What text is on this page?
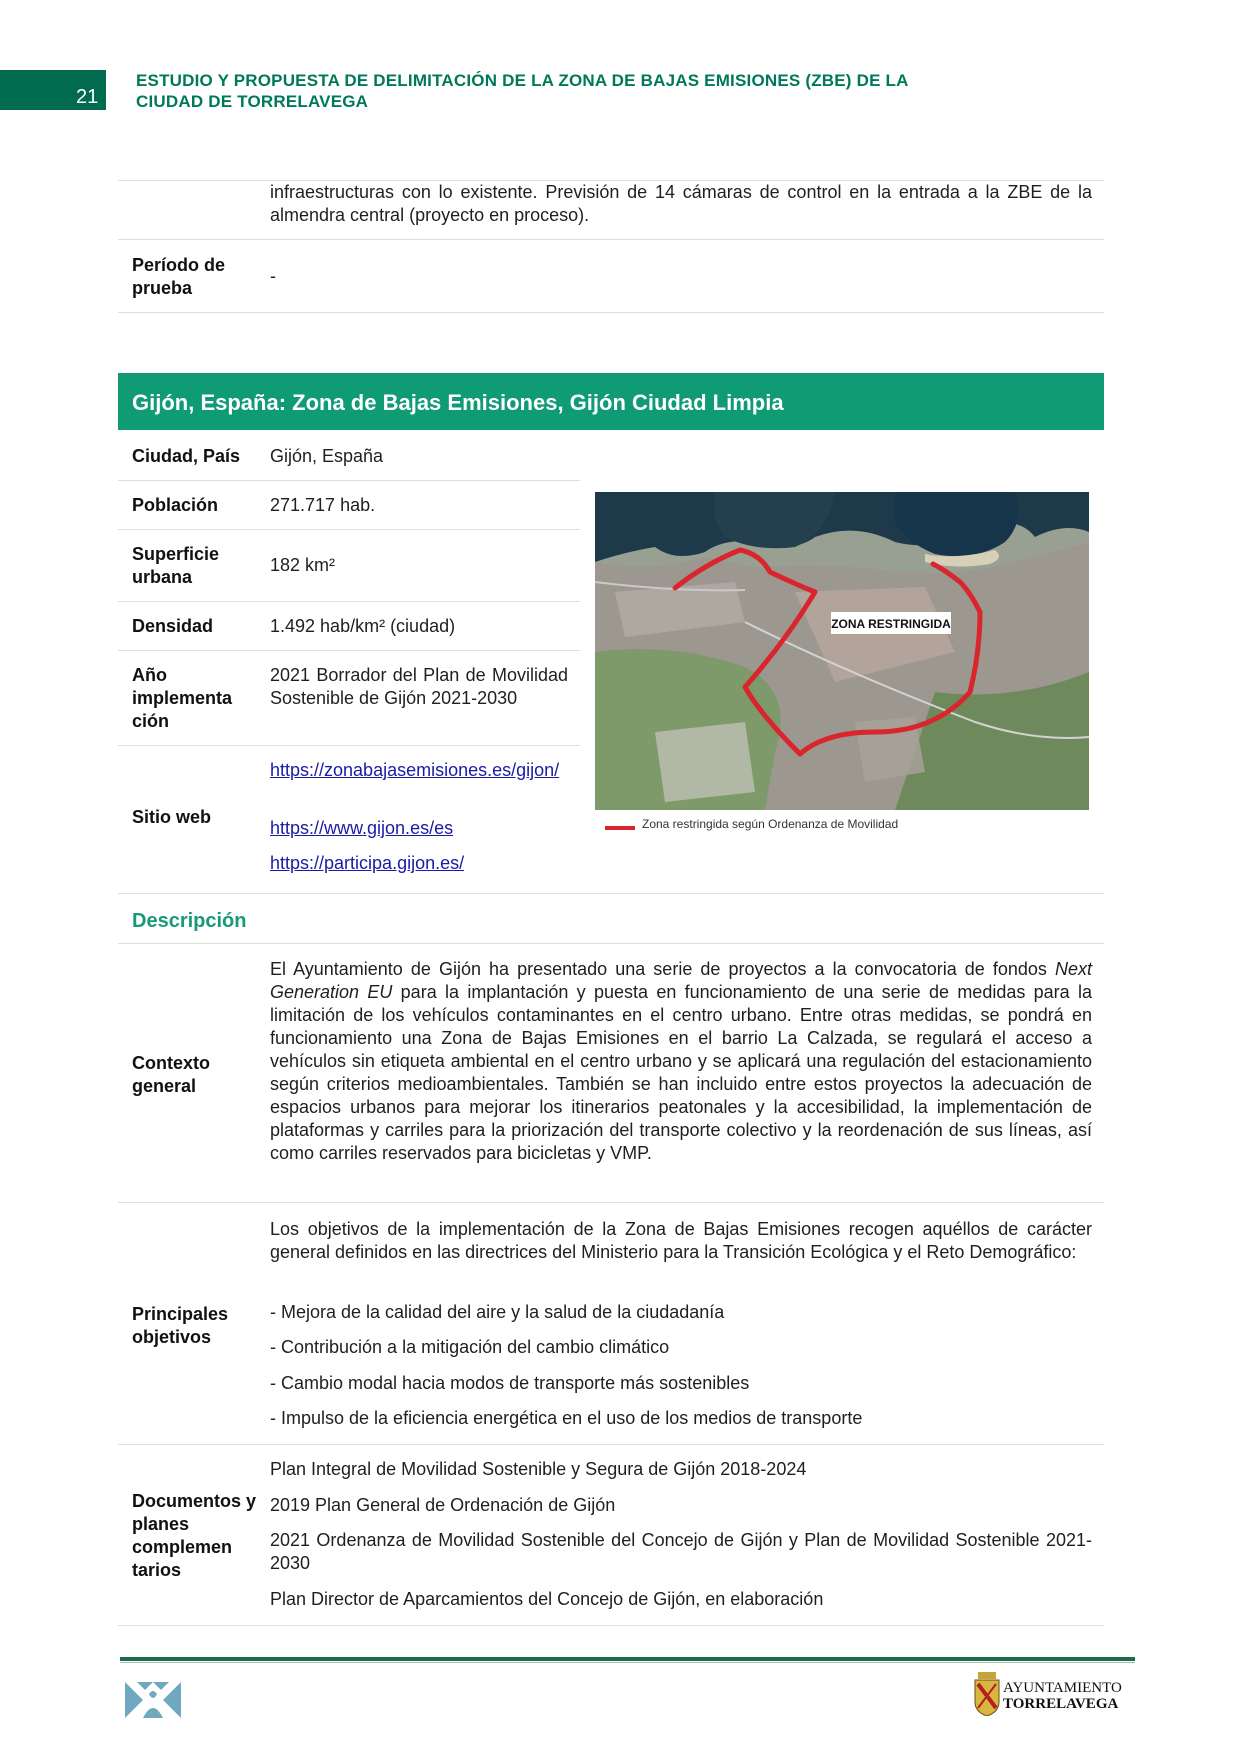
21
ESTUDIO Y PROPUESTA DE DELIMITACIÓN DE LA ZONA DE BAJAS EMISIONES (ZBE) DE LA CIUDAD DE TORRELAVEGA
infraestructuras con lo existente. Previsión de 14 cámaras de control en la entrada a la ZBE de la almendra central (proyecto en proceso).
Período de prueba
-
Gijón, España: Zona de Bajas Emisiones, Gijón Ciudad Limpia
Ciudad, País Gijón, España
Población	271.717 hab.
Superficie urbana
182 km²
Densidad	1.492 hab/km² (ciudad)
Año implementa ción
2021 Borrador del Plan de Movilidad Sostenible de Gijón 2021-2030
Sitio web
https://zonabajasemisiones.es/gijon/
https://www.gijon.es/es
https://participa.gijon.es/
ZONA RESTRINGIDA
Zona restringida según Ordenanza de Movilidad
Descripción
Contexto general
El Ayuntamiento de Gijón ha presentado una serie de proyectos a la convocatoria de fondos Next Generation EU para la implantación y puesta en funcionamiento de una serie de medidas para la limitación de los vehículos contaminantes en el centro urbano. Entre otras medidas, se pondrá en funcionamiento una Zona de Bajas Emisiones en el barrio La Calzada, se regulará el acceso a vehículos sin etiqueta ambiental en el centro urbano y se aplicará una regulación del estacionamiento según criterios medioambientales. También se han incluido entre estos proyectos la adecuación de espacios urbanos para mejorar los itinerarios peatonales y la accesibilidad, la implementación de plataformas y carriles para la priorización del transporte colectivo y la reordenación de sus líneas, así como carriles reservados para bicicletas y VMP.
Principales objetivos
Los objetivos de la implementación de la Zona de Bajas Emisiones recogen aquéllos de carácter general definidos en las directrices del Ministerio para la Transición Ecológica y el Reto Demográfico:
- Mejora de la calidad del aire y la salud de la ciudadanía
- Contribución a la mitigación del cambio climático
- Cambio modal hacia modos de transporte más sostenibles
- Impulso de la eficiencia energética en el uso de los medios de transporte
Documentos y planes complemen tarios
Plan Integral de Movilidad Sostenible y Segura de Gijón 2018-2024
2019 Plan General de Ordenación de Gijón
2021 Ordenanza de Movilidad Sostenible del Concejo de Gijón y Plan de Movilidad Sostenible 2021-2030
Plan Director de Aparcamientos del Concejo de Gijón, en elaboración
AYUNTAMIENTO
TORRELAVEGA
